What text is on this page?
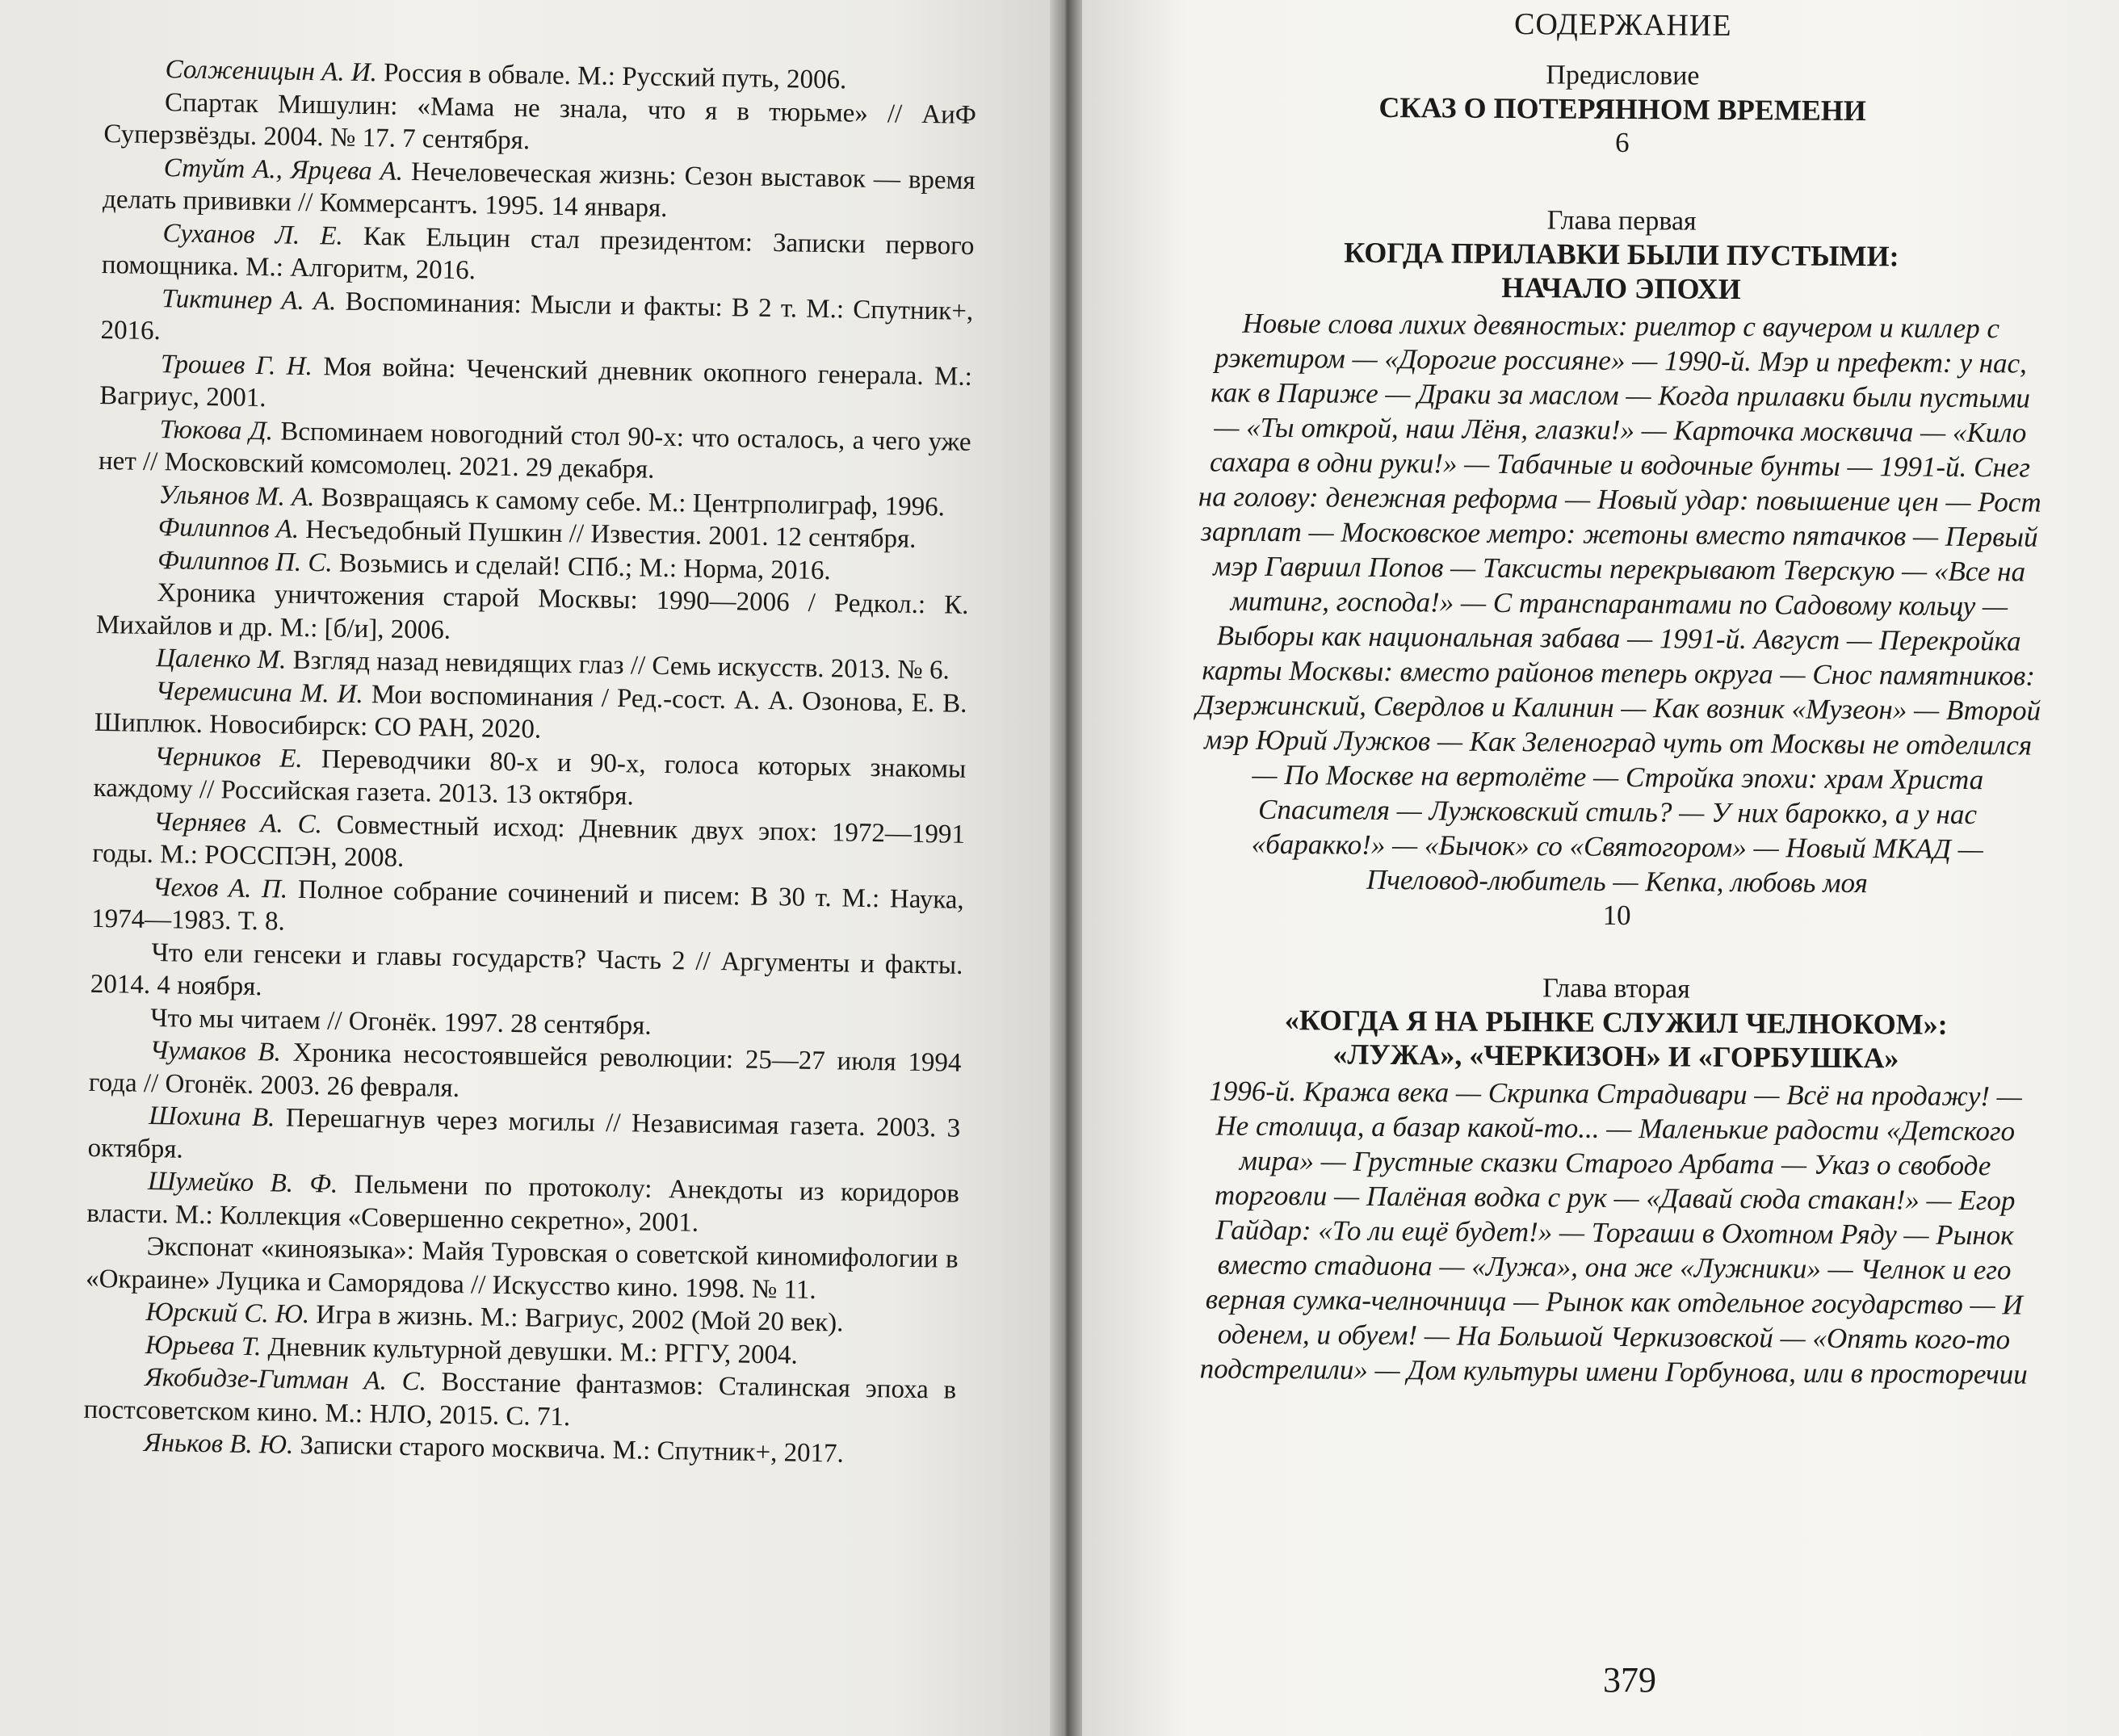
Солженицын А. И. Россия в обвале. М.: Русский путь, 2006.

Спартак Мишулин: «Мама не знала, что я в тюрьме» // АиФ Суперзвёзды. 2004. № 17. 7 сентября.

Стуйт А., Ярцева А. Нечеловеческая жизнь: Сезон выставок — время делать прививки // Коммерсантъ. 1995. 14 января.

Суханов Л. Е. Как Ельцин стал президентом: Записки первого помощника. М.: Алгоритм, 2016.

Тиктинер А. А. Воспоминания: Мысли и факты: В 2 т. М.: Спутник+, 2016.

Трошев Г. Н. Моя война: Чеченский дневник окопного генерала. М.: Вагриус, 2001.

Тюкова Д. Вспоминаем новогодний стол 90-х: что осталось, а чего уже нет // Московский комсомолец. 2021. 29 декабря.

Ульянов М. А. Возвращаясь к самому себе. М.: Центрполиграф, 1996.

Филиппов А. Несъедобный Пушкин // Известия. 2001. 12 сентября.

Филиппов П. С. Возьмись и сделай! СПб.; М.: Норма, 2016.

Хроника уничтожения старой Москвы: 1990—2006 / Редкол.: К. Михайлов и др. М.: [б/и], 2006.

Цаленко М. Взгляд назад невидящих глаз // Семь искусств. 2013. № 6.

Черемисина М. И. Мои воспоминания / Ред.-сост. А. А. Озонова, Е. В. Шиплюк. Новосибирск: СО РАН, 2020.

Черников Е. Переводчики 80-х и 90-х, голоса которых знакомы каждому // Российская газета. 2013. 13 октября.

Черняев А. С. Совместный исход: Дневник двух эпох: 1972—1991 годы. М.: РОССПЭН, 2008.

Чехов А. П. Полное собрание сочинений и писем: В 30 т. М.: Наука, 1974—1983. Т. 8.

Что ели генсеки и главы государств? Часть 2 // Аргументы и факты. 2014. 4 ноября.

Что мы читаем // Огонёк. 1997. 28 сентября.

Чумаков В. Хроника несостоявшейся революции: 25—27 июля 1994 года // Огонёк. 2003. 26 февраля.

Шохина В. Перешагнув через могилы // Независимая газета. 2003. 3 октября.

Шумейко В. Ф. Пельмени по протоколу: Анекдоты из коридоров власти. М.: Коллекция «Совершенно секретно», 2001.

Экспонат «киноязыка»: Майя Туровская о советской киномифологии в «Окраине» Луцика и Саморядова // Искусство кино. 1998. № 11.

Юрский С. Ю. Игра в жизнь. М.: Вагриус, 2002 (Мой 20 век).

Юрьева Т. Дневник культурной девушки. М.: РГГУ, 2004.

Якобидзе-Гитман А. С. Восстание фантазмов: Сталинская эпоха в постсоветском кино. М.: НЛО, 2015. С. 71.

Яньков В. Ю. Записки старого москвича. М.: Спутник+, 2017.

СОДЕРЖАНИЕ

Предисловие

СКАЗ О ПОТЕРЯННОМ ВРЕМЕНИ

6

Глава первая

КОГДА ПРИЛАВКИ БЫЛИ ПУСТЫМИ:

НАЧАЛО ЭПОХИ

Новые слова лихих девяностых: риелтор с ваучером и киллер с рэкетиром — «Дорогие россияне» — 1990-й. Мэр и префект: у нас, как в Париже — Драки за маслом — Когда прилавки были пустыми — «Ты открой, наш Лёня, глазки!» — Карточка москвича — «Кило сахара в одни руки!» — Табачные и водочные бунты — 1991-й. Снег на голову: денежная реформа — Новый удар: повышение цен — Рост зарплат — Московское метро: жетоны вместо пятачков — Первый мэр Гавриил Попов — Таксисты перекрывают Тверскую — «Все на митинг, господа!» — С транспарантами по Садовому кольцу — Выборы как национальная забава — 1991-й. Август — Перекройка карты Москвы: вместо районов теперь округа — Снос памятников: Дзержинский, Свердлов и Калинин — Как возник «Музеон» — Второй мэр Юрий Лужков — Как Зеленоград чуть от Москвы не отделился — По Москве на вертолёте — Стройка эпохи: храм Христа Спасителя — Лужковский стиль? — У них барокко, а у нас «баракко!» — «Бычок» со «Святогором» — Новый МКАД — Пчеловод-любитель — Кепка, любовь моя

10

Глава вторая

«КОГДА Я НА РЫНКЕ СЛУЖИЛ ЧЕЛНОКОМ»:

«ЛУЖА», «ЧЕРКИЗОН» И «ГОРБУШКА»

1996-й. Кража века — Скрипка Страдивари — Всё на продажу! — Не столица, а базар какой-то... — Маленькие радости «Детского мира» — Грустные сказки Старого Арбата — Указ о свободе торговли — Палёная водка с рук — «Давай сюда стакан!» — Егор Гайдар: «То ли ещё будет!» — Торгаши в Охотном Ряду — Рынок вместо стадиона — «Лужа», она же «Лужники» — Челнок и его верная сумка-челночница — Рынок как отдельное государство — И оденем, и обуем! — На Большой Черкизовской — «Опять кого-то подстрелили» — Дом культуры имени Горбунова, или в просторечии

379
